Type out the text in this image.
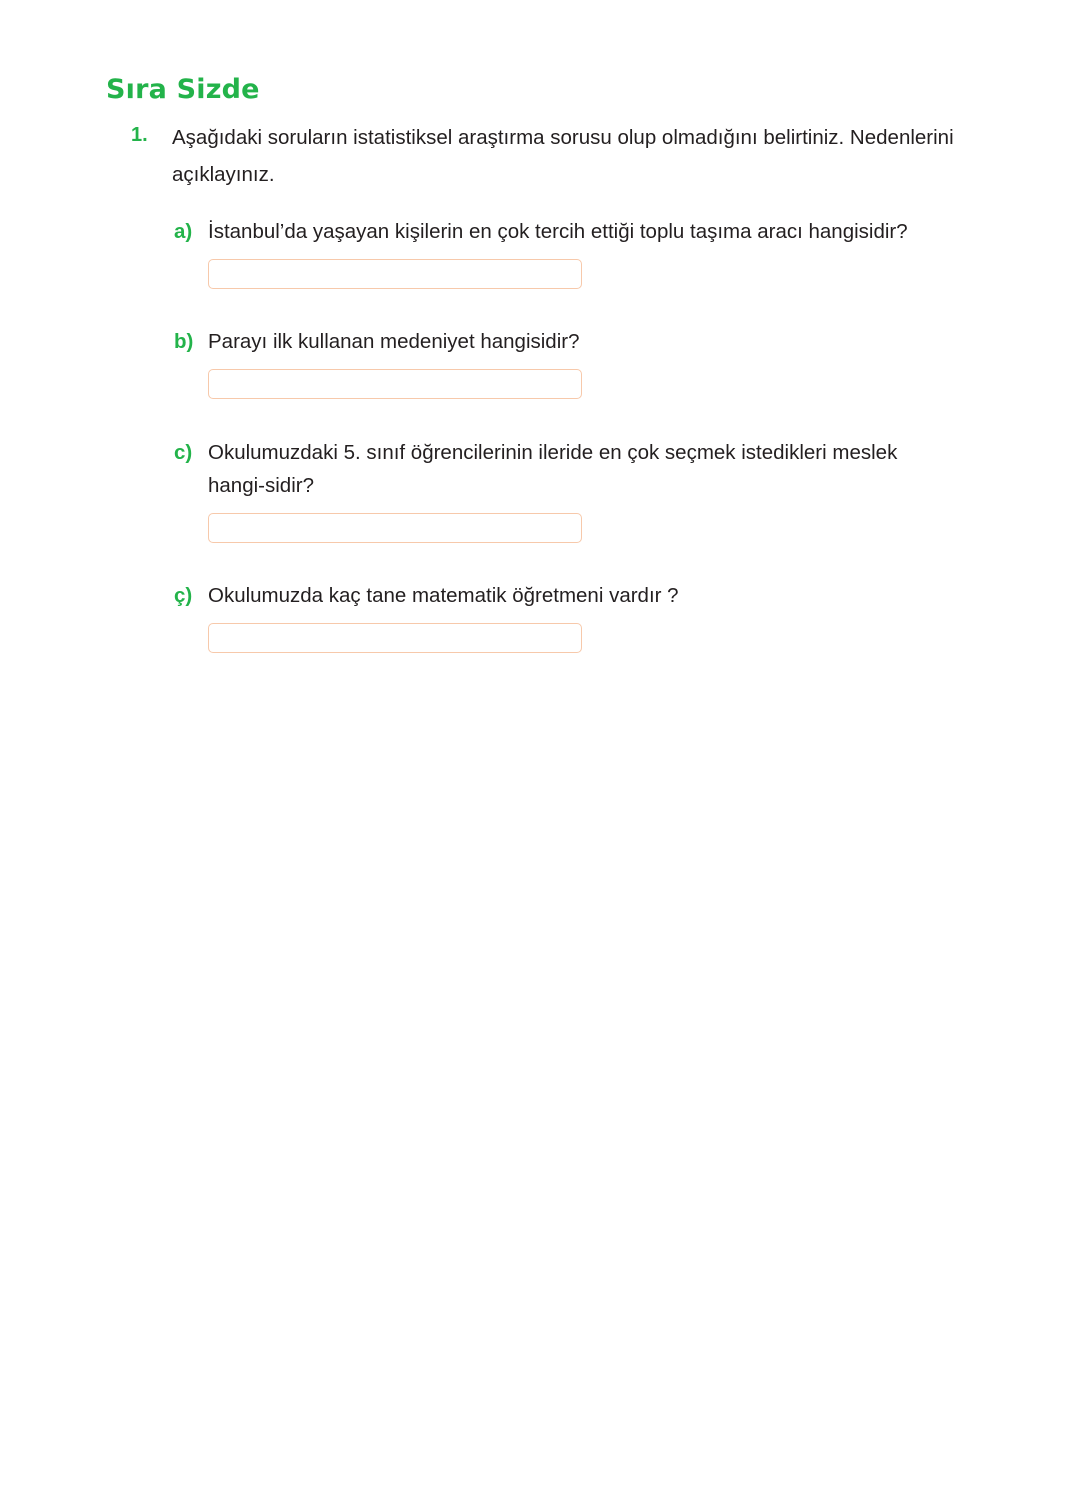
Sıra Sizde
1. Aşağıdaki soruların istatistiksel araştırma sorusu olup olmadığını belirtiniz. Nedenlerini açıklayınız.
a) İstanbul’da yaşayan kişilerin en çok tercih ettiği toplu taşıma aracı hangisidir?
b) Parayı ilk kullanan medeniyet hangisidir?
c) Okulumuzdaki 5. sınıf öğrencilerinin ileride en çok seçmek istedikleri meslek hangi-sidir?
ç) Okulumuzda kaç tane matematik öğretmeni vardır ?
